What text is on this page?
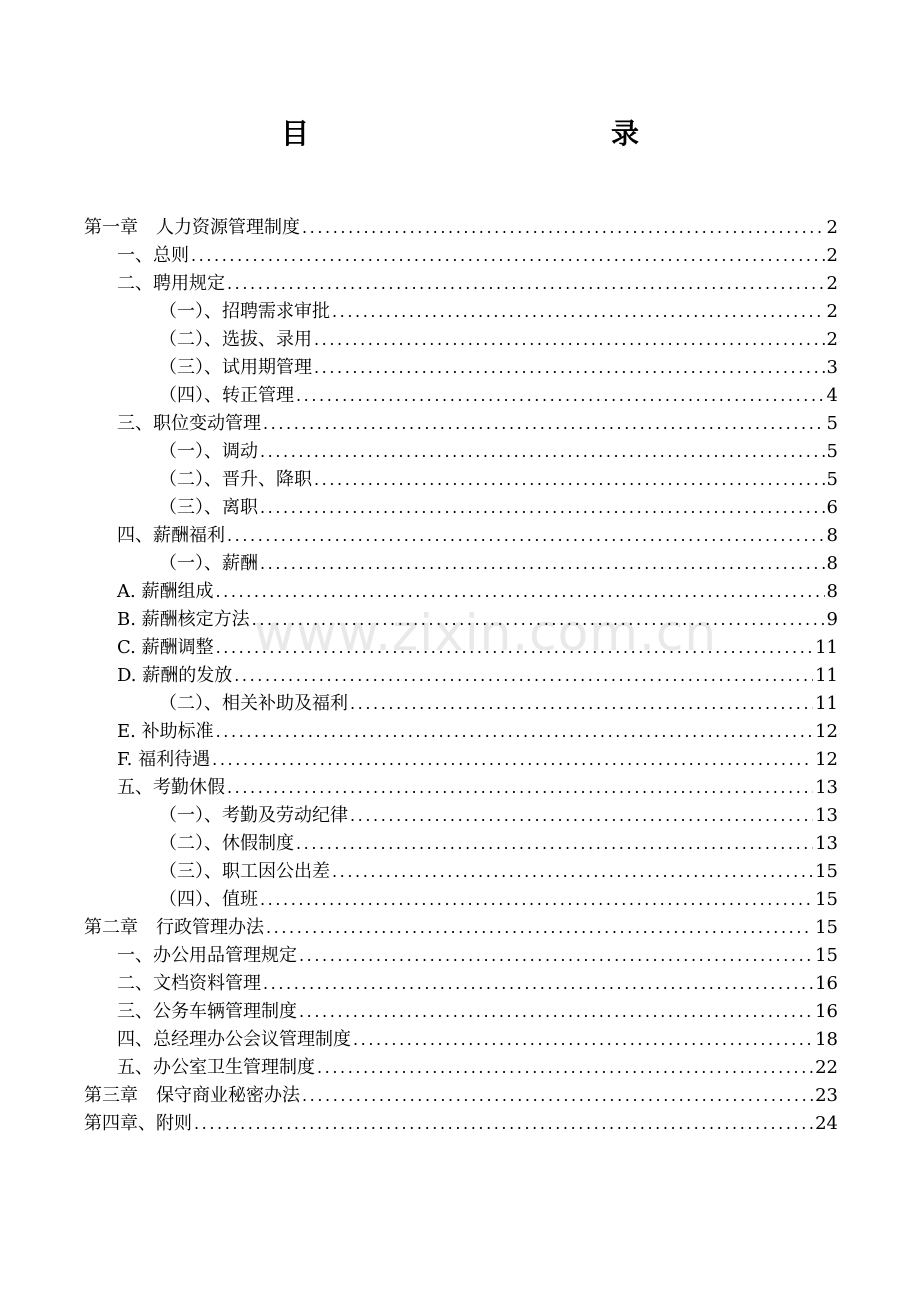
目　　录
第一章　人力资源管理制度 .....	2
一、总则 .....	2
二、聘用规定 .....	2
（一）、招聘需求审批 .....	2
（二）、选拔、录用 .....	2
（三）、试用期管理 .....	3
（四）、转正管理 .....	4
三、职位变动管理 .....	5
（一）、调动 .....	5
（二）、晋升、降职 .....	5
（三）、离职 .....	6
四、薪酬福利 .....	8
（一）、薪酬 .....	8
A. 薪酬组成 .....	8
B. 薪酬核定方法 .....	9
C. 薪酬调整 .....	11
D. 薪酬的发放 .....	11
（二）、相关补助及福利 .....	11
E. 补助标准 .....	12
F. 福利待遇 .....	12
五、考勤休假 .....	13
（一）、考勤及劳动纪律 .....	13
（二）、休假制度 .....	13
（三）、职工因公出差 .....	15
（四）、值班 .....	15
第二章　行政管理办法 .....	15
一、办公用品管理规定 .....	15
二、文档资料管理 .....	16
三、公务车辆管理制度 .....	16
四、总经理办公会议管理制度 .....	18
五、办公室卫生管理制度 .....	22
第三章　保守商业秘密办法 .....	23
第四章、附则 .....	24
www.zixin.com.cn
